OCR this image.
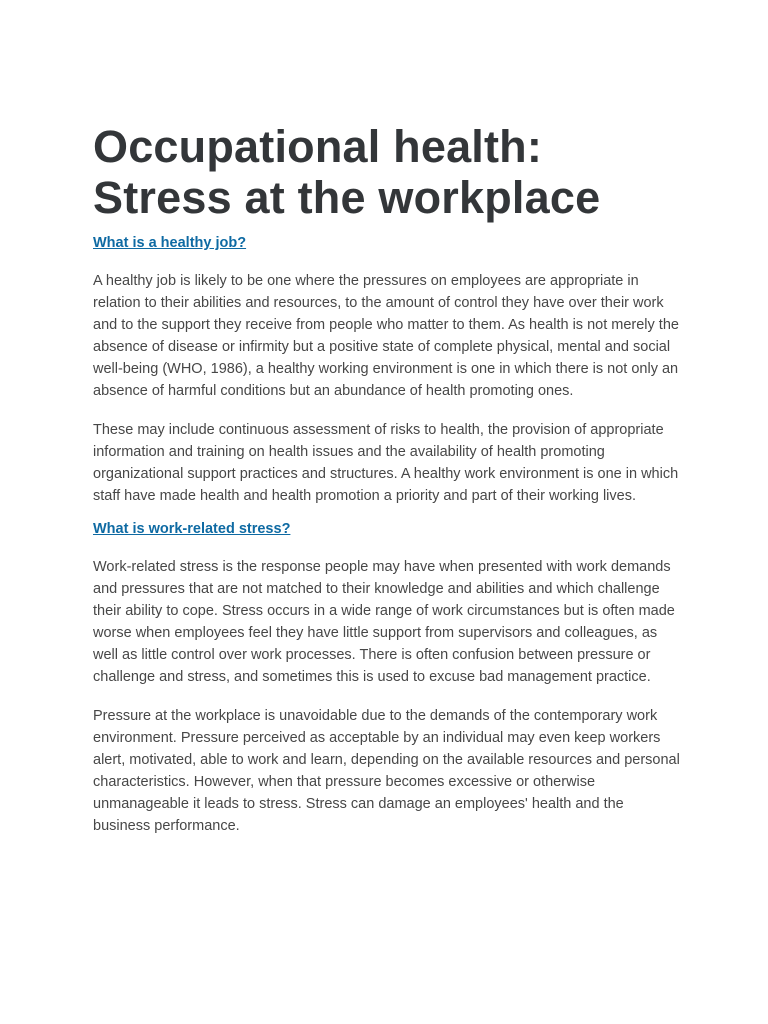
Occupational health: Stress at the workplace
What is a healthy job?

A healthy job is likely to be one where the pressures on employees are appropriate in relation to their abilities and resources, to the amount of control they have over their work and to the support they receive from people who matter to them. As health is not merely the absence of disease or infirmity but a positive state of complete physical, mental and social well-being (WHO, 1986), a healthy working environment is one in which there is not only an absence of harmful conditions but an abundance of health promoting ones.

These may include continuous assessment of risks to health, the provision of appropriate information and training on health issues and the availability of health promoting organizational support practices and structures. A healthy work environment is one in which staff have made health and health promotion a priority and part of their working lives.

What is work-related stress?

Work-related stress is the response people may have when presented with work demands and pressures that are not matched to their knowledge and abilities and which challenge their ability to cope. Stress occurs in a wide range of work circumstances but is often made worse when employees feel they have little support from supervisors and colleagues, as well as little control over work processes. There is often confusion between pressure or challenge and stress, and sometimes this is used to excuse bad management practice.

Pressure at the workplace is unavoidable due to the demands of the contemporary work environment. Pressure perceived as acceptable by an individual may even keep workers alert, motivated, able to work and learn, depending on the available resources and personal characteristics. However, when that pressure becomes excessive or otherwise unmanageable it leads to stress. Stress can damage an employees' health and the business performance.
